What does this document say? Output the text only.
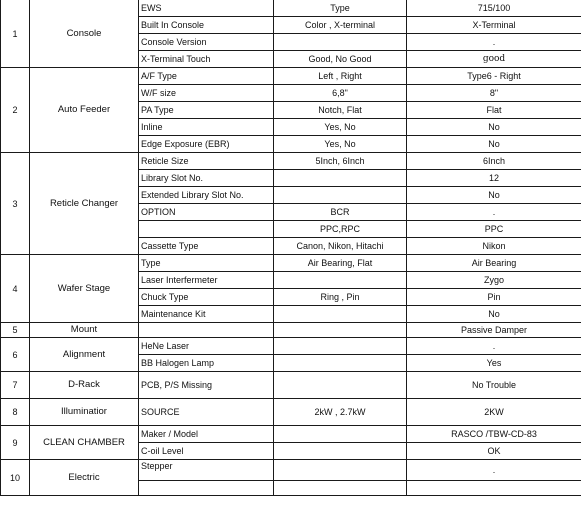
1	Console	EWS	Type	715/100
		Built In Console	Color , X-terminal	X-Terminal
		Console Version		.
		X-Terminal Touch	Good, No Good	good
2	Auto Feeder	A/F Type	Left , Right	Type6 - Right
		W/F size	6,8"	8"
		PA Type	Notch, Flat	Flat
		Inline	Yes, No	No
		Edge Exposure (EBR)	Yes, No	No
3	Reticle Changer	Reticle Size	5Inch, 6Inch	6Inch
		Library Slot No.		12
		Extended Library Slot No.		No
		OPTION	BCR	.
			PPC,RPC	PPC
		Cassette Type	Canon, Nikon, Hitachi	Nikon
4	Wafer Stage	Type	Air Bearing, Flat	Air Bearing
		Laser Interfermeter		Zygo
		Chuck Type	Ring , Pin	Pin
		Maintenance Kit		No
5	Mount			Passive Damper
6	Alignment	HeNe Laser		.
		BB Halogen Lamp		Yes
7	D-Rack	PCB, P/S Missing		No Trouble
8	Illuminatior	SOURCE	2kW , 2.7kW	2KW
9	CLEAN CHAMBER	Maker / Model		RASCO /TBW-CD-83
		C-oil Level		OK
10	Electric	Stepper		.
